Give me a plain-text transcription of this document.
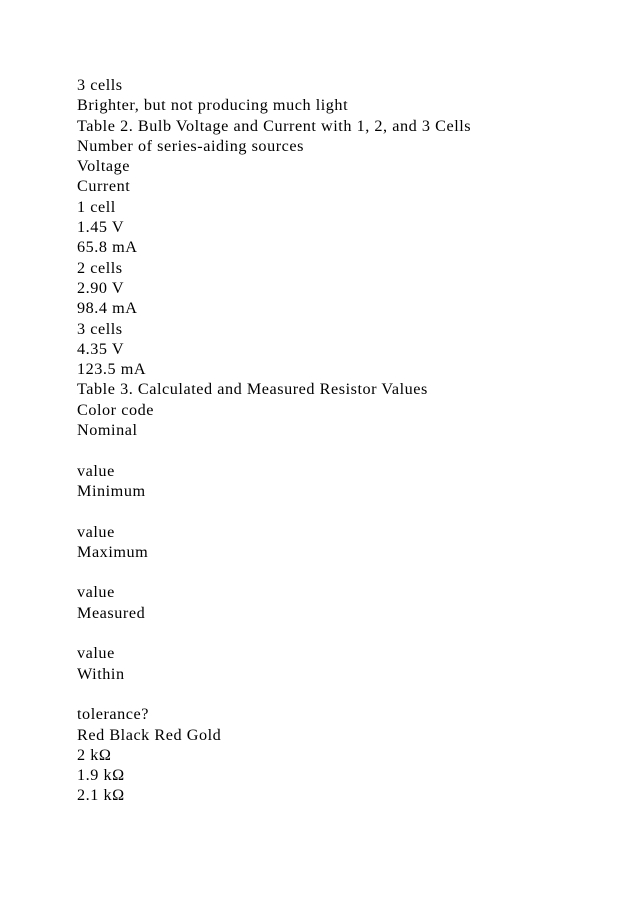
3 cells
Brighter, but not producing much light
Table 2. Bulb Voltage and Current with 1, 2, and 3 Cells
Number of series-aiding sources
Voltage
Current
1 cell
1.45 V
65.8 mA
2 cells
2.90 V
98.4 mA
3 cells
4.35 V
123.5 mA
Table 3. Calculated and Measured Resistor Values
Color code
Nominal
value
Minimum
value
Maximum
value
Measured
value
Within
tolerance?
Red Black Red Gold
2 kΩ
1.9 kΩ
2.1 kΩ
